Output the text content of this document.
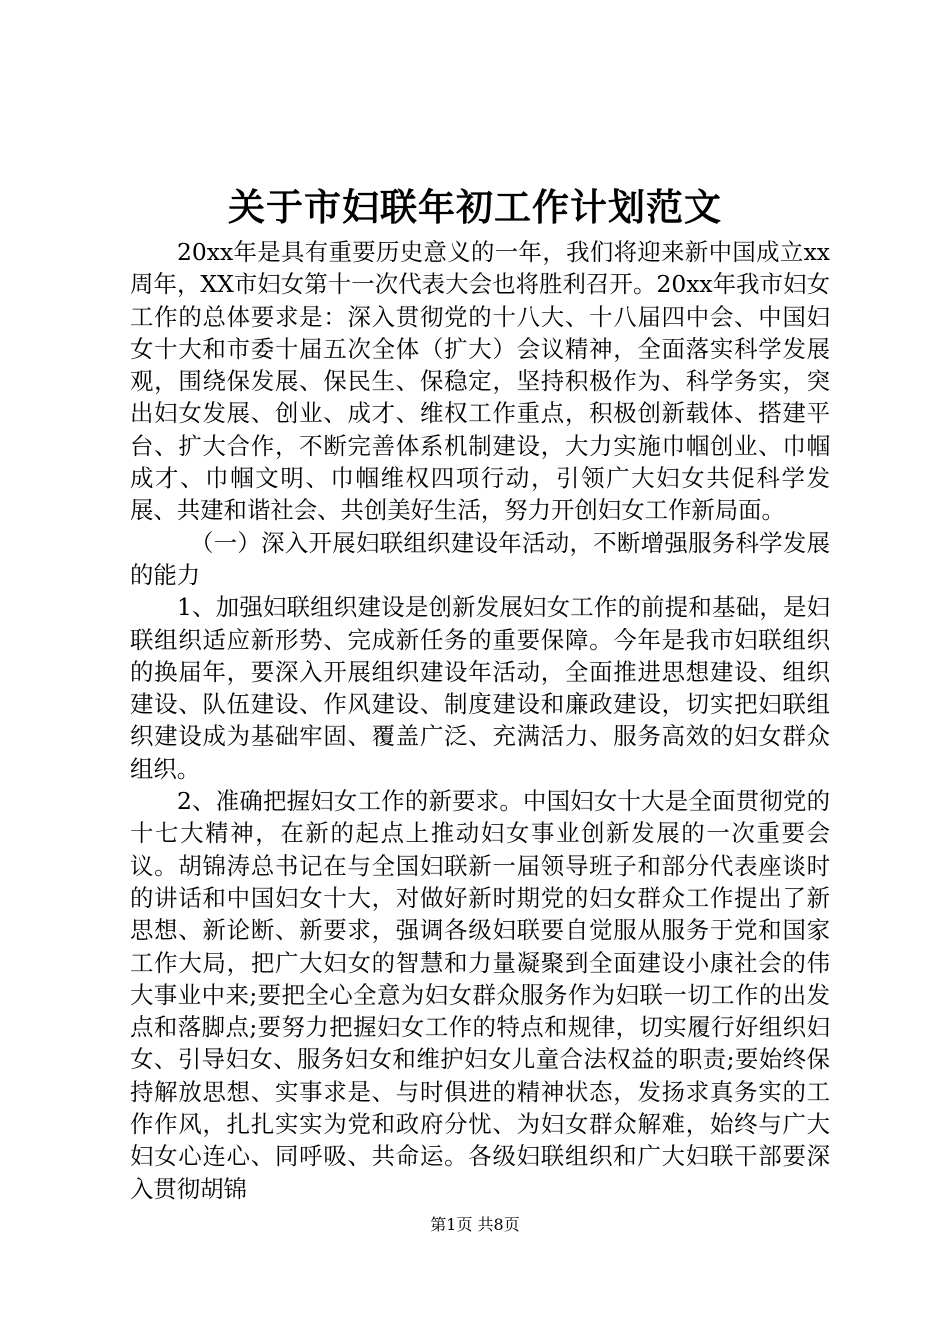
关于市妇联年初工作计划范文

20xx年是具有重要历史意义的一年，我们将迎来新中国成立xx周年，XX市妇女第十一次代表大会也将胜利召开。20xx年我市妇女工作的总体要求是：深入贯彻党的十八大、十八届四中会、中国妇女十大和市委十届五次全体（扩大）会议精神，全面落实科学发展观，围绕保发展、保民生、保稳定，坚持积极作为、科学务实，突出妇女发展、创业、成才、维权工作重点，积极创新载体、搭建平台、扩大合作，不断完善体系机制建设，大力实施巾帼创业、巾帼成才、巾帼文明、巾帼维权四项行动，引领广大妇女共促科学发展、共建和谐社会、共创美好生活，努力开创妇女工作新局面。

（一）深入开展妇联组织建设年活动，不断增强服务科学发展的能力

1、加强妇联组织建设是创新发展妇女工作的前提和基础，是妇联组织适应新形势、完成新任务的重要保障。今年是我市妇联组织的换届年，要深入开展组织建设年活动，全面推进思想建设、组织建设、队伍建设、作风建设、制度建设和廉政建设，切实把妇联组织建设成为基础牢固、覆盖广泛、充满活力、服务高效的妇女群众组织。

2、准确把握妇女工作的新要求。中国妇女十大是全面贯彻党的十七大精神，在新的起点上推动妇女事业创新发展的一次重要会议。胡锦涛总书记在与全国妇联新一届领导班子和部分代表座谈时的讲话和中国妇女十大，对做好新时期党的妇女群众工作提出了新思想、新论断、新要求，强调各级妇联要自觉服从服务于党和国家工作大局，把广大妇女的智慧和力量凝聚到全面建设小康社会的伟大事业中来;要把全心全意为妇女群众服务作为妇联一切工作的出发点和落脚点;要努力把握妇女工作的特点和规律，切实履行好组织妇女、引导妇女、服务妇女和维护妇女儿童合法权益的职责;要始终保持解放思想、实事求是、与时俱进的精神状态，发扬求真务实的工作作风，扎扎实实为党和政府分忧、为妇女群众解难，始终与广大妇女心连心、同呼吸、共命运。各级妇联组织和广大妇联干部要深入贯彻胡锦

第1页 共8页
